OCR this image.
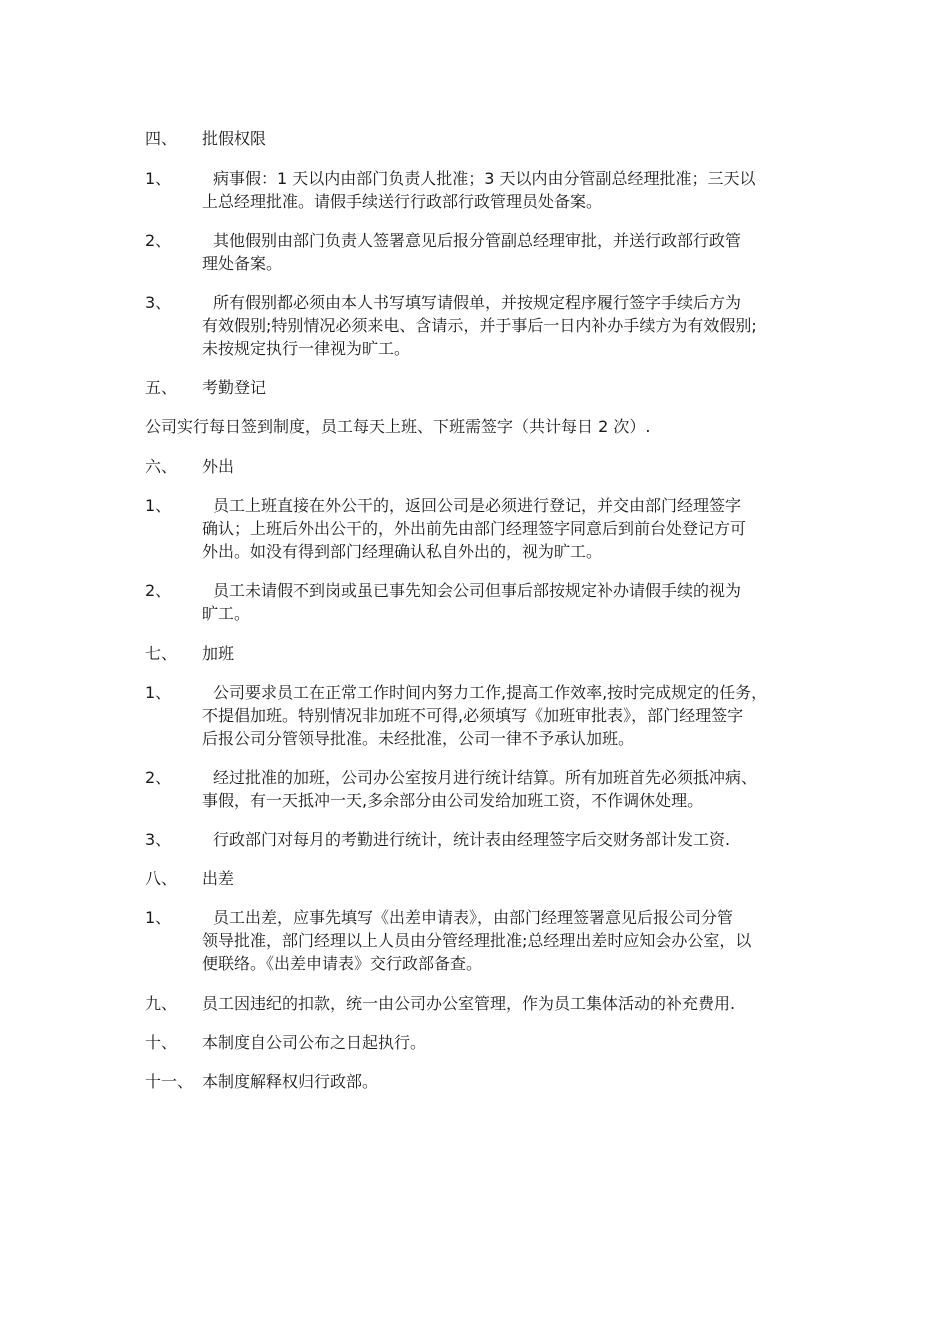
四、	批假权限
1、	病事假：1 天以内由部门负责人批准；3 天以内由分管副总经理批准；三天以
上总经理批准。请假手续送行行政部行政管理员处备案。
2、	其他假别由部门负责人签署意见后报分管副总经理审批，并送行政部行政管
理处备案。
3、	所有假别都必须由本人书写填写请假单，并按规定程序履行签字手续后方为
有效假别;特别情况必须来电、含请示，并于事后一日内补办手续方为有效假别;
未按规定执行一律视为旷工。
五、	考勤登记
公司实行每日签到制度，员工每天上班、下班需签字（共计每日 2 次）.
六、	外出
1、	员工上班直接在外公干的，返回公司是必须进行登记，并交由部门经理签字
确认；上班后外出公干的，外出前先由部门经理签字同意后到前台处登记方可
外出。如没有得到部门经理确认私自外出的，视为旷工。
2、	员工未请假不到岗或虽已事先知会公司但事后部按规定补办请假手续的视为
旷工。
七、	加班
1、	公司要求员工在正常工作时间内努力工作,提高工作效率,按时完成规定的任务，
不提倡加班。特别情况非加班不可得,必须填写《加班审批表》，部门经理签字
后报公司分管领导批准。未经批准，公司一律不予承认加班。
2、	经过批准的加班，公司办公室按月进行统计结算。所有加班首先必须抵冲病、
事假，有一天抵冲一天,多余部分由公司发给加班工资，不作调休处理。
3、	行政部门对每月的考勤进行统计，统计表由经理签字后交财务部计发工资.
八、	出差
1、	员工出差，应事先填写《出差申请表》，由部门经理签署意见后报公司分管
领导批准，部门经理以上人员由分管经理批准;总经理出差时应知会办公室，以
便联络。《出差申请表》交行政部备查。
九、	员工因违纪的扣款，统一由公司办公室管理，作为员工集体活动的补充费用.
十、	本制度自公司公布之日起执行。
十一、 本制度解释权归行政部。
